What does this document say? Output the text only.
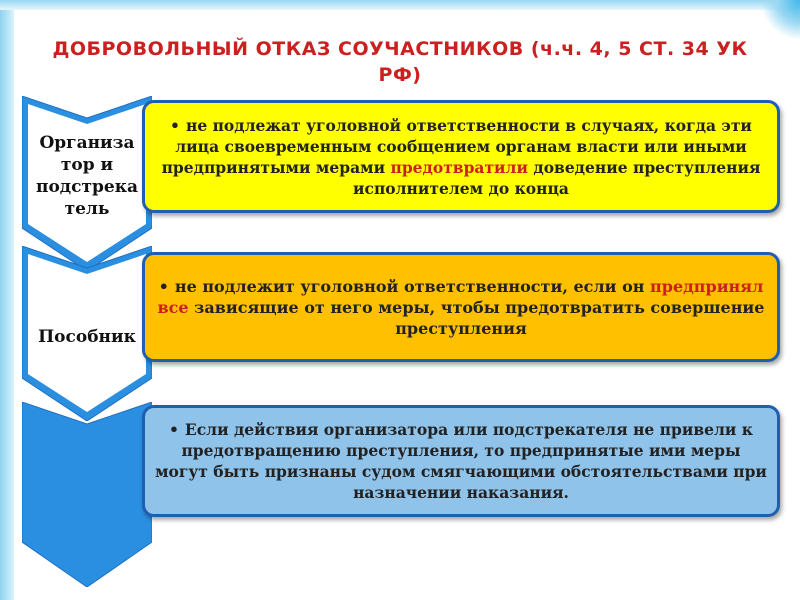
ДОБРОВОЛЬНЫЙ ОТКАЗ СОУЧАСТНИКОВ (ч.ч. 4, 5 СТ. 34 УК РФ)
Организа
тор и
подстрека
тель
• не подлежат уголовной ответственности в случаях, когда эти лица своевременным сообщением органам власти или иными предпринятыми мерами предотвратили доведение преступления исполнителем до конца
Пособник
• не подлежит уголовной ответственности, если он предпринял все зависящие от него меры, чтобы предотвратить совершение преступления
• Если действия организатора или подстрекателя не привели к предотвращению преступления, то предпринятые ими меры могут быть признаны судом смягчающими обстоятельствами при назначении наказания.
